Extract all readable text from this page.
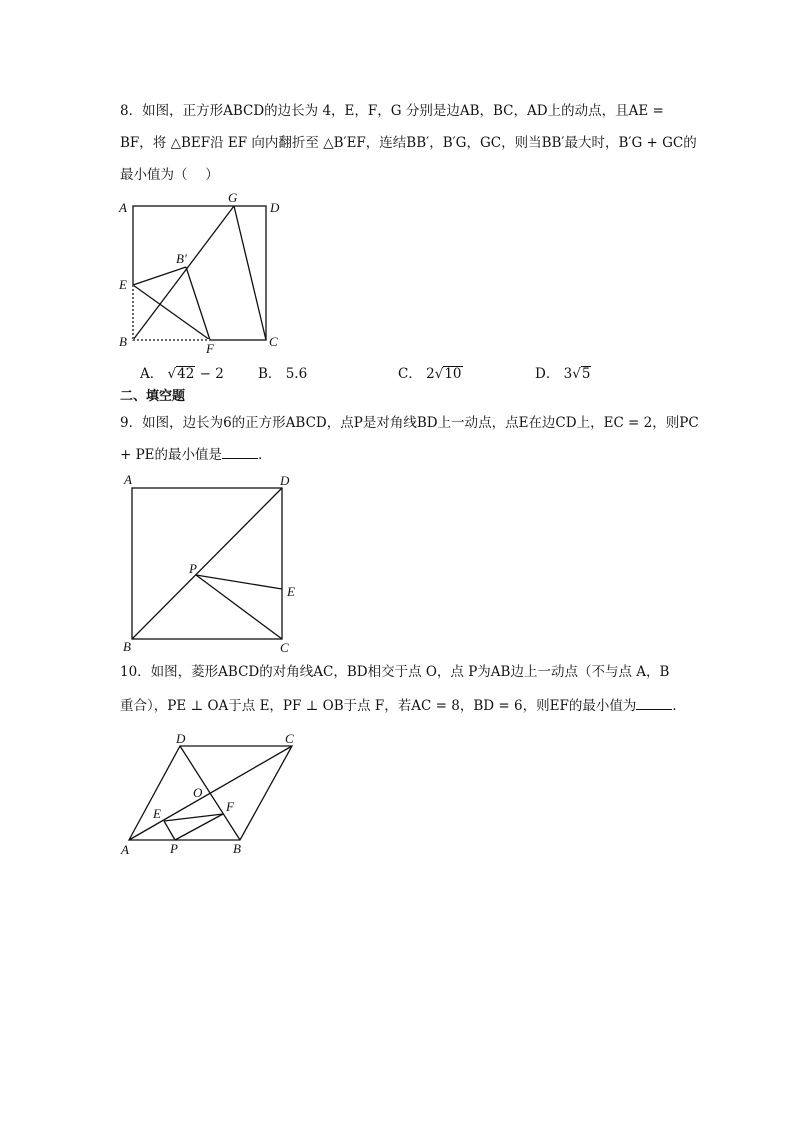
8．如图，正方形ABCD的边长为 4，E，F，G 分别是边AB，BC，AD上的动点，且AE =
BF，将 △BEF沿 EF 向内翻折至 △B′EF，连结BB′，B′G，GC，则当BB′最大时，B′G + GC的
最小值为（　 ）
A
G
D
B′
E
B	F	C
A． √42 − 2	B． 5.6	C． 2√10	D． 3√5
二、填空题
9．如图，边长为6的正方形ABCD，点P是对角线BD上一动点，点E在边CD上，EC = 2，则PC
+ PE的最小值是	．
A	D
P
E
B	C
10．如图，菱形ABCD的对角线AC，BD相交于点 O，点 P为AB边上一动点（不与点 A，B
重合），PE ⊥ OA于点 E，PF ⊥ OB于点 F，若AC = 8，BD = 6，则EF的最小值为	．
D	C
O
F
E
A	P	B
